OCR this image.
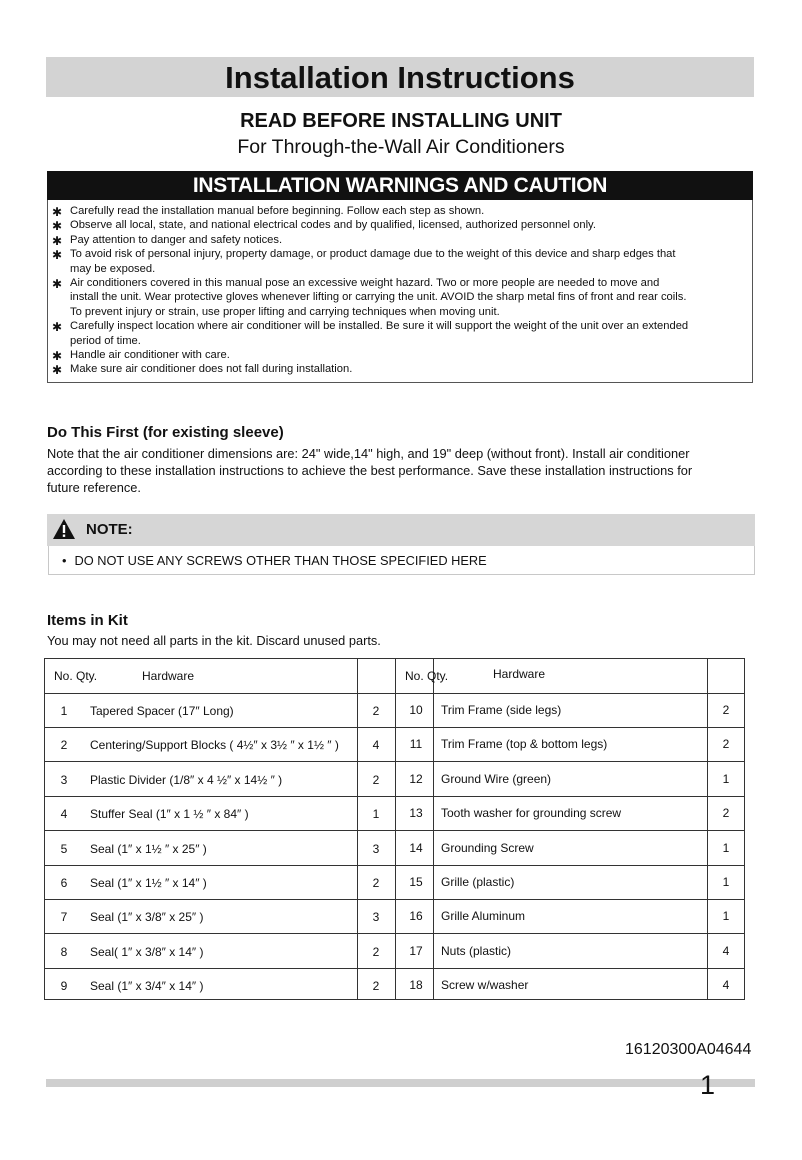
Installation Instructions
READ BEFORE INSTALLING UNIT
For Through-the-Wall Air Conditioners
INSTALLATION WARNINGS AND CAUTION
✱ Carefully read the installation manual before beginning. Follow each step as shown.
✱ Observe all local, state, and national electrical codes and by qualified, licensed, authorized personnel only.
✱ Pay attention to danger and safety notices.
✱ To avoid risk of personal injury, property damage, or product damage due to the weight of this device and sharp edges that
may be exposed.
✱ Air conditioners covered in this manual pose an excessive weight hazard. Two or more people are needed to move and
install the unit. Wear protective gloves whenever lifting or carrying the unit. AVOID the sharp metal fins of front and rear coils.
To prevent injury or strain, use proper lifting and carrying techniques when moving unit.
✱ Carefully inspect location where air conditioner will be installed. Be sure it will support the weight of the unit over an extended
period of time.
✱ Handle air conditioner with care.
✱ Make sure air conditioner does not fall during installation.
Do This First (for existing sleeve)
Note that the air conditioner dimensions are: 24" wide,14" high, and 19" deep (without front). Install air conditioner
according to these installation instructions to achieve the best performance. Save these installation instructions for
future reference.
NOTE:
• DO NOT USE ANY SCREWS OTHER THAN THOSE SPECIFIED HERE
Items in Kit
You may not need all parts in the kit. Discard unused parts.
No. Qty.	Hardware	No. Qty.	Hardware
1	Tapered Spacer (17″ Long)	2
2	Centering/Support Blocks ( 4½″ x 3½ ″ x 1½ ″ )	4
3	Plastic Divider (1/8″ x 4 ½″ x 14½ ″ )	2
4	Stuffer Seal (1″ x 1 ½ ″ x 84″ )	1
5	Seal (1″ x 1½ ″ x 25″ )	3
6	Seal (1″ x 1½ ″ x 14″ )	2
7	Seal (1″ x 3/8″ x 25″ )	3
8	Seal( 1″ x 3/8″ x 14″ )	2
9	Seal (1″ x 3/4″ x 14″ )	2
10	Trim Frame (side legs)	2
11	Trim Frame (top & bottom legs)	2
12	Ground Wire (green)	1
13	Tooth washer for grounding screw	2
14	Grounding Screw	1
15	Grille (plastic)	1
16	Grille Aluminum	1
17	Nuts (plastic)	4
18	Screw w/washer	4
16120300A04644
1
